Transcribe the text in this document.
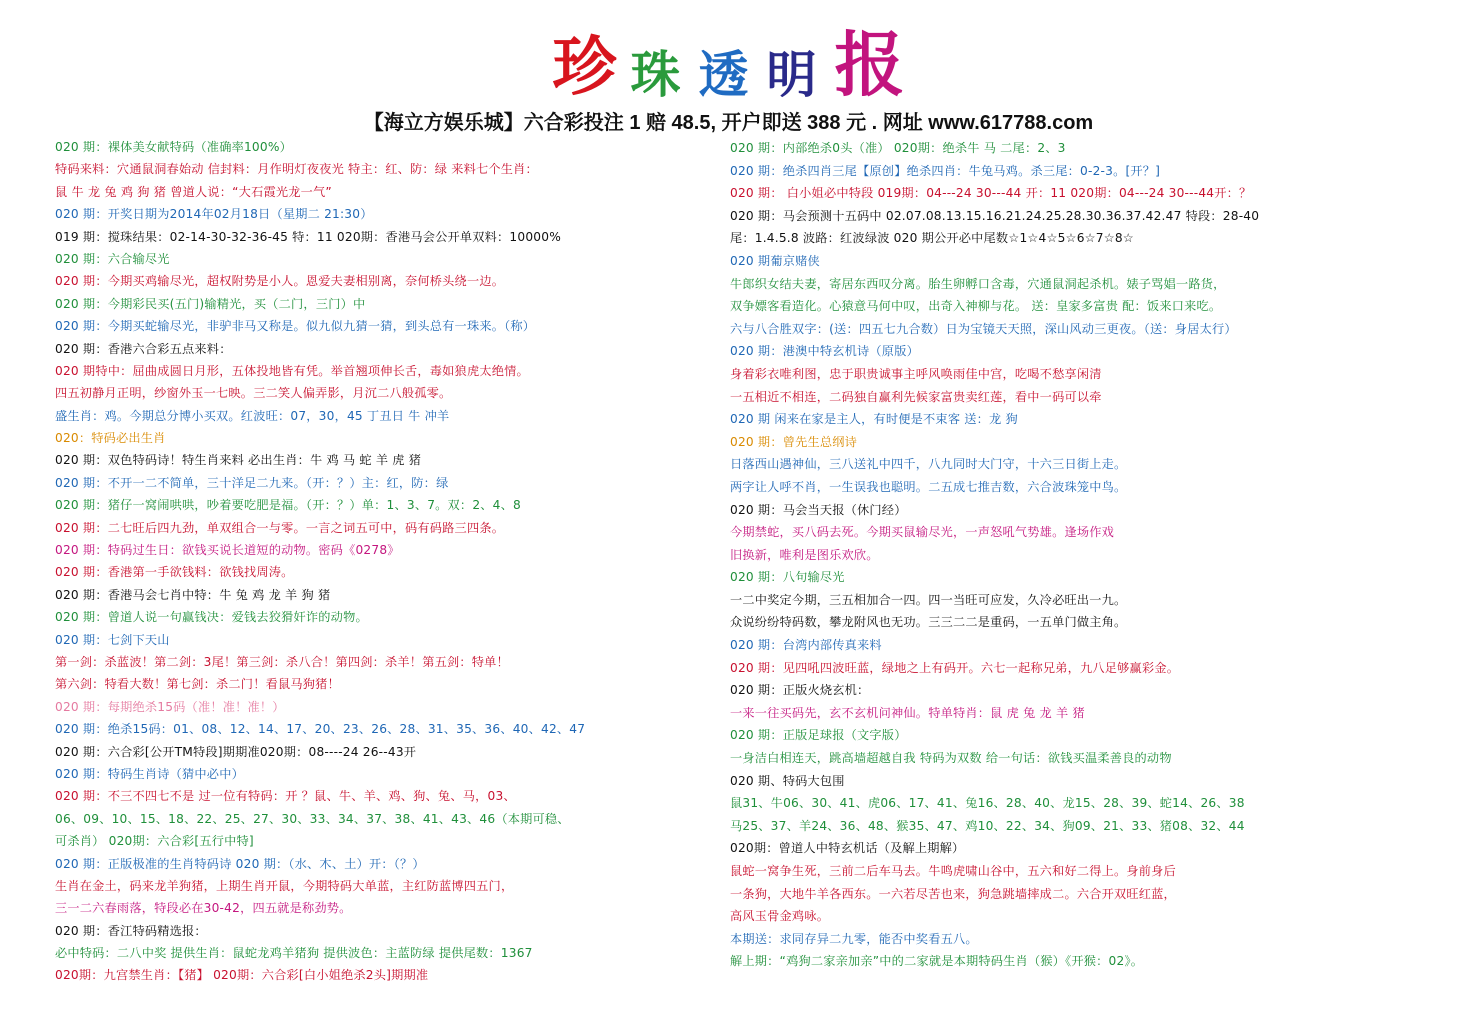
珍 珠 透 明 报
【海立方娱乐城】六合彩投注 1 赔 48.5, 开户即送 388 元 . 网址 www.617788.com
020 期：裸体美女献特码（准确率100%）
特码来料：穴通鼠洞春始动 信封料：月作明灯夜夜光 特主：红、防：绿 来料七个生肖：
鼠 牛 龙 兔 鸡 狗 猪 曾道人说：“大石霞光龙一气”
020 期：开奖日期为2014年02月18日（星期二 21:30）
019 期：搅珠结果：02-14-30-32-36-45 特：11 020期：香港马会公开单双料：10000%
020 期：六合输尽光
020 期：今期买鸡输尽光，超权附势是小人。恩爱夫妻相别离，奈何桥头绕一边。
020 期：今期彩民买(五门)输精光，买（二门，三门）中
020 期：今期买蛇输尽光，非驴非马又称是。似九似九猜一猜，到头总有一珠来。（称）
020 期：香港六合彩五点来料：
020 期特中：屈曲成圆日月形，五体投地皆有凭。举首翘项伸长舌，毒如狼虎太绝情。
四五初静月正明，纱窗外玉一七映。三二笑人偏弄影，月沉二八般孤零。
盛生肖：鸡。今期总分博小买双。红波旺：07，30，45 丁丑日 牛 冲羊
020：特码必出生肖
020 期：双色特码诗！特生肖来料 必出生肖：牛 鸡 马 蛇 羊 虎 猪
020 期：不开一二不简单，三十洋足二九来。（开：？）主：红，防：绿
020 期：猪仔一窝闹哄哄，吵着要吃肥是福。（开：？）单：1、3、7。双：2、4、8
020 期：二七旺后四九劲，单双组合一与零。一言之词五可中，码有码路三四条。
020 期：特码过生日：欲钱买说长道短的动物。密码《0278》
020 期：香港第一手欲钱料：欲钱找周涛。
020 期：香港马会七肖中特：牛 兔 鸡 龙 羊 狗 猪
020 期：曾道人说一句赢钱决：爱钱去狡猾奸诈的动物。
020 期：七剑下天山
第一剑：杀蓝波！第二剑：3尾！第三剑：杀八合！第四剑：杀羊！第五剑：特单！
第六剑：特看大数！第七剑：杀二门！看鼠马狗猪！
020 期：每期绝杀15码（准！准！准！）
020 期：绝杀15码：01、08、12、14、17、20、23、26、28、31、35、36、40、42、47
020 期：六合彩[公开TM特段]期期准020期：08----24 26--43开
020 期：特码生肖诗（猜中必中）
020 期：不三不四七不是 过一位有特码：开 ？鼠、牛、羊、鸡、狗、兔、马，03、
06、09、10、15、18、22、25、27、30、33、34、37、38、41、43、46（本期可稳、
可杀肖） 020期：六合彩[五行中特]
020 期：正版极准的生肖特码诗 020 期：（水、木、土）开：（？）
生肖在金土，码来龙羊狗猪，上期生肖开鼠，今期特码大单蓝，主红防蓝博四五门，
三一二六春雨落，特段必在30-42，四五就是称劲势。
020 期：香江特码精选报：
必中特码：二八中奖 提供生肖：鼠蛇龙鸡羊猪狗 提供波色：主蓝防绿 提供尾数：1367
020期：九宫禁生肖：【猪】 020期：六合彩[白小姐绝杀2头]期期准
020 期：内部绝杀0头（准） 020期：绝杀牛 马 二尾：2、3
020 期：绝杀四肖三尾【原创】绝杀四肖：牛兔马鸡。杀三尾：0-2-3。[开？]
020 期： 白小姐必中特段 019期：04---24 30---44 开：11 020期：04---24 30---44开：？
020 期：马会预测十五码中 02.07.08.13.15.16.21.24.25.28.30.36.37.42.47 特段：28-40
尾：1.4.5.8 波路：红波绿波 020 期公开必中尾数☆1☆4☆5☆6☆7☆8☆
020 期葡京赌侠
牛郎织女结夫妻，寄居东西叹分离。胎生卵孵口含毒，穴通鼠洞起杀机。婊子骂娼一路货，
双争嫖客看造化。心猿意马何中叹，出奇入神柳与花。 送：皇家多富贵 配：饭来口来吃。
六与八合胜双字：(送：四五七九合数）日为宝镜天天照，深山风动三更夜。（送：身居太行）
020 期：港澳中特玄机诗（原版）
身着彩衣唯利图，忠于职贵诚事主呼风唤雨佳中宫，吃喝不愁享闲清
一五相近不相连，二码独自赢利先候家富贵卖红莲，看中一码可以牵
020 期 闲来在家是主人，有时便是不束客 送：龙 狗
020 期：曾先生总纲诗
日落西山遇神仙，三八送礼中四千，八九同时大门守，十六三日街上走。
两字让人呼不肖，一生误我也聪明。二五成七推吉数，六合波珠笼中鸟。
020 期：马会当天报（休门经）
今期禁蛇，买八码去死。今期买鼠输尽光，一声怒吼气势雄。逢场作戏
旧换新，唯利是图乐欢欣。
020 期：八句输尽光
一二中奖定今期，三五相加合一四。四一当旺可应发，久冷必旺出一九。
众说纷纷特码数，攀龙附风也无功。三三二二是重码，一五单门做主角。
020 期：台湾内部传真来料
020 期：见四吼四波旺蓝，绿地之上有码开。六七一起称兄弟，九八足够赢彩金。
020 期：正版火烧玄机：
一来一往买码先，玄不玄机问神仙。特单特肖：鼠 虎 兔 龙 羊 猪
020 期：正版足球报（文字版）
一身洁白相连天，跳高墙超越自我 特码为双数 给一句话：欲钱买温柔善良的动物
020 期、特码大包围
鼠31、牛06、30、41、虎06、17、41、兔16、28、40、龙15、28、39、蛇14、26、38
马25、37、羊24、36、48、猴35、47、鸡10、22、34、狗09、21、33、猪08、32、44
020期：曾道人中特玄机话（及解上期解）
鼠蛇一窝争生死，三前二后车马去。牛鸣虎啸山谷中，五六和好二得上。身前身后
一条狗，大地牛羊各西东。一六若尽苦也来，狗急跳墙摔成二。六合开双旺红蓝，
高风玉骨金鸡咏。
本期送：求同存异二九零，能否中奖看五八。
解上期：“鸡狗二家亲加亲”中的二家就是本期特码生肖（猴）《开猴：02》。
